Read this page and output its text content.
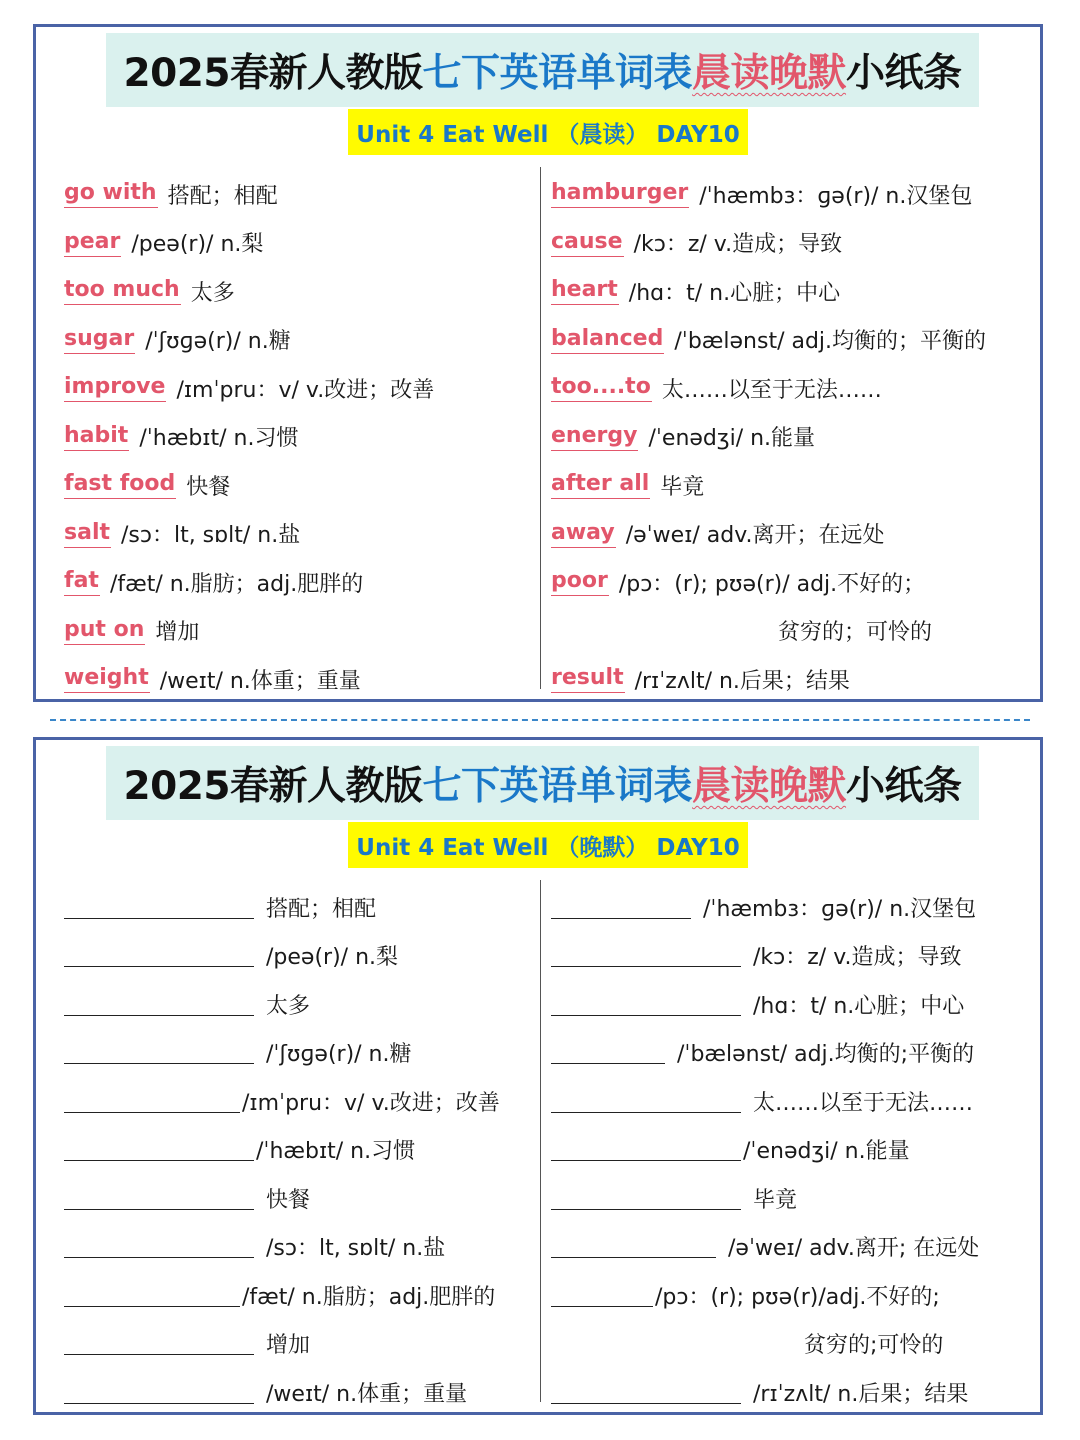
2025春新人教版 七下英语单词表 晨读晚默 小纸条
Unit 4 Eat Well （晨读） DAY10
go with 搭配；相配
pear /peə(r)/ n.梨
too much 太多
sugar /ˈʃʊɡə(r)/ n.糖
improve /ɪmˈpru：v/ v.改进；改善
habit /ˈhæbɪt/ n.习惯
fast food 快餐
salt /sɔ：lt, sɒlt/ n.盐
fat /fæt/ n.脂肪；adj.肥胖的
put on 增加
weight /weɪt/ n.体重；重量
hamburger /ˈhæmbɜ：ɡə(r)/ n.汉堡包
cause /kɔ：z/ v.造成；导致
heart /hɑ：t/ n.心脏；中心
balanced /ˈbælənst/ adj.均衡的；平衡的
too....to 太……以至于无法……
energy /ˈenədʒi/ n.能量
after all 毕竟
away /əˈweɪ/ adv.离开；在远处
poor /pɔ：(r); pʊə(r)/ adj.不好的；
贫穷的；可怜的
result /rɪˈzʌlt/ n.后果；结果
2025春新人教版 七下英语单词表 晨读晚默 小纸条
Unit 4 Eat Well （晚默） DAY10
搭配；相配
/peə(r)/ n.梨
太多
/ˈʃʊɡə(r)/ n.糖
/ɪmˈpru：v/ v.改进；改善
/ˈhæbɪt/ n.习惯
快餐
/sɔ：lt, sɒlt/ n.盐
/fæt/ n.脂肪；adj.肥胖的
增加
/weɪt/ n.体重；重量
/ˈhæmbɜ：ɡə(r)/ n.汉堡包
/kɔ：z/ v.造成；导致
/hɑ：t/ n.心脏；中心
/ˈbælənst/ adj.均衡的;平衡的
太……以至于无法……
/ˈenədʒi/ n.能量
毕竟
/əˈweɪ/ adv.离开; 在远处
/pɔ：(r); pʊə(r)/adj.不好的;
贫穷的;可怜的
/rɪˈzʌlt/ n.后果；结果
